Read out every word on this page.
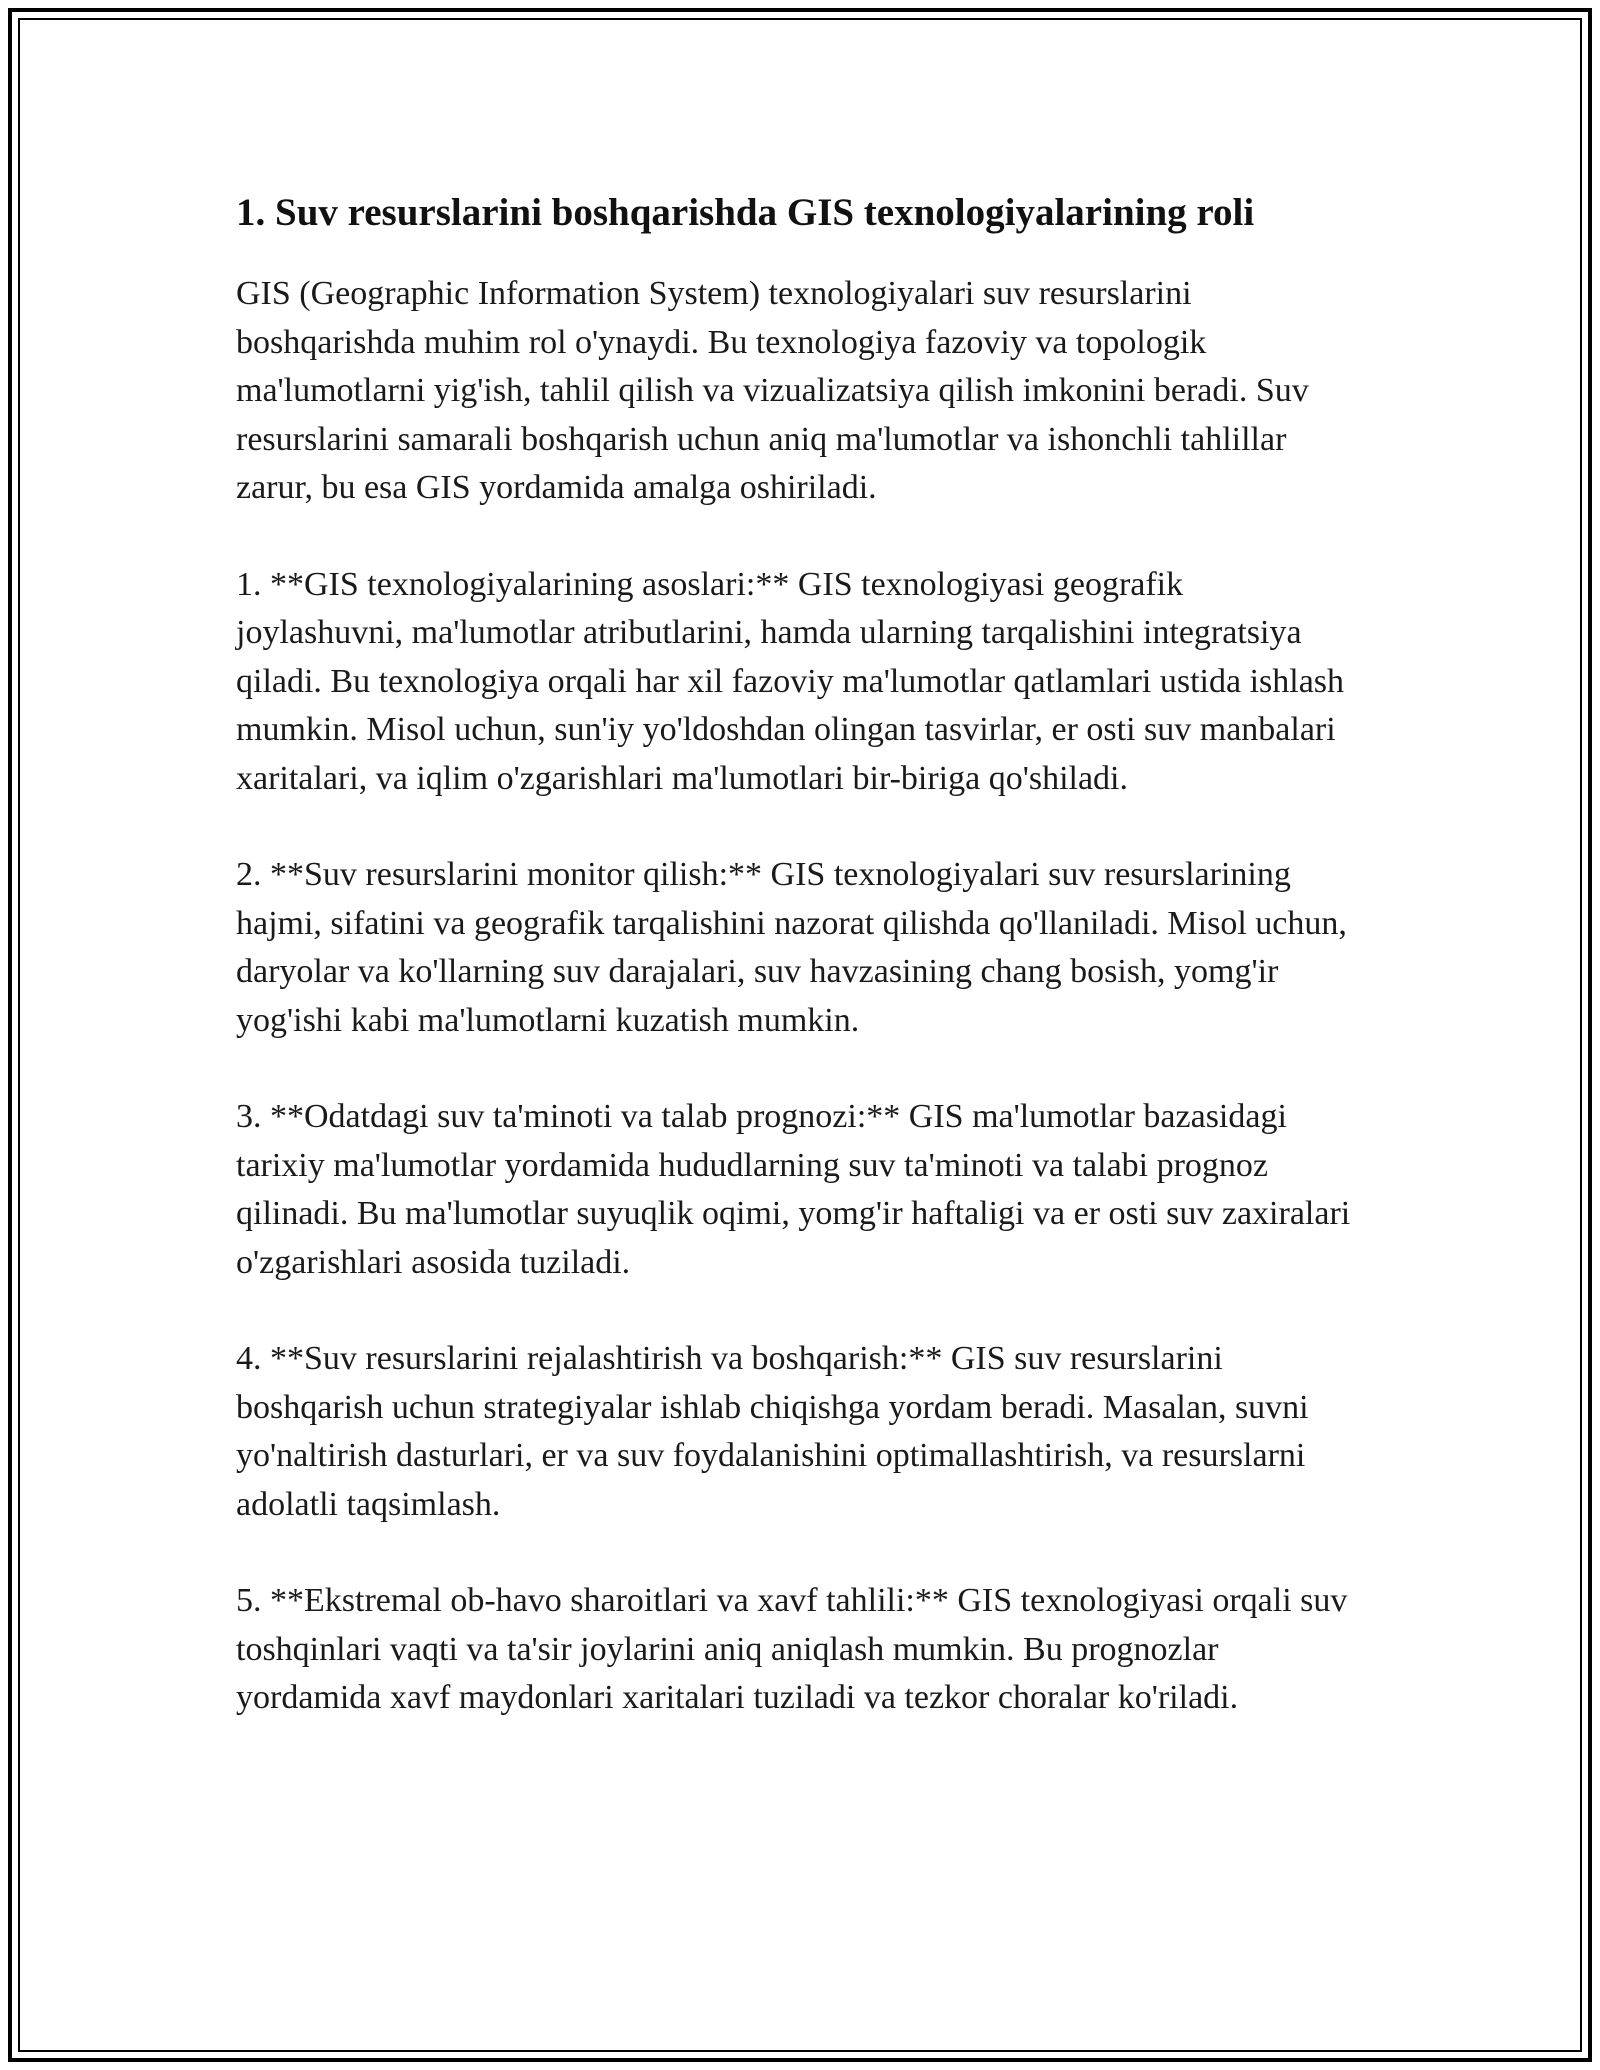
1. Suv resurslarini boshqarishda GIS texnologiyalarining roli

GIS (Geographic Information System) texnologiyalari suv resurslarini boshqarishda muhim rol o'ynaydi. Bu texnologiya fazoviy va topologik ma'lumotlarni yig'ish, tahlil qilish va vizualizatsiya qilish imkonini beradi. Suv resurslarini samarali boshqarish uchun aniq ma'lumotlar va ishonchli tahlillar zarur, bu esa GIS yordamida amalga oshiriladi.

1. **GIS texnologiyalarining asoslari:** GIS texnologiyasi geografik joylashuvni, ma'lumotlar atributlarini, hamda ularning tarqalishini integratsiya qiladi. Bu texnologiya orqali har xil fazoviy ma'lumotlar qatlamlari ustida ishlash mumkin. Misol uchun, sun'iy yo'ldoshdan olingan tasvirlar, er osti suv manbalari xaritalari, va iqlim o'zgarishlari ma'lumotlari bir-biriga qo'shiladi.

2. **Suv resurslarini monitor qilish:** GIS texnologiyalari suv resurslarining hajmi, sifatini va geografik tarqalishini nazorat qilishda qo'llaniladi. Misol uchun, daryolar va ko'llarning suv darajalari, suv havzasining chang bosish, yomg'ir yog'ishi kabi ma'lumotlarni kuzatish mumkin.

3. **Odatdagi suv ta'minoti va talab prognozi:** GIS ma'lumotlar bazasidagi tarixiy ma'lumotlar yordamida hududlarning suv ta'minoti va talabi prognoz qilinadi. Bu ma'lumotlar suyuqlik oqimi, yomg'ir haftaligi va er osti suv zaxiralari o'zgarishlari asosida tuziladi.

4. **Suv resurslarini rejalashtirish va boshqarish:** GIS suv resurslarini boshqarish uchun strategiyalar ishlab chiqishga yordam beradi. Masalan, suvni yo'naltirish dasturlari, er va suv foydalanishini optimallashtirish, va resurslarni adolatli taqsimlash.

5. **Ekstremal ob-havo sharoitlari va xavf tahlili:** GIS texnologiyasi orqali suv toshqinlari vaqti va ta'sir joylarini aniq aniqlash mumkin. Bu prognozlar yordamida xavf maydonlari xaritalari tuziladi va tezkor choralar ko'riladi.
